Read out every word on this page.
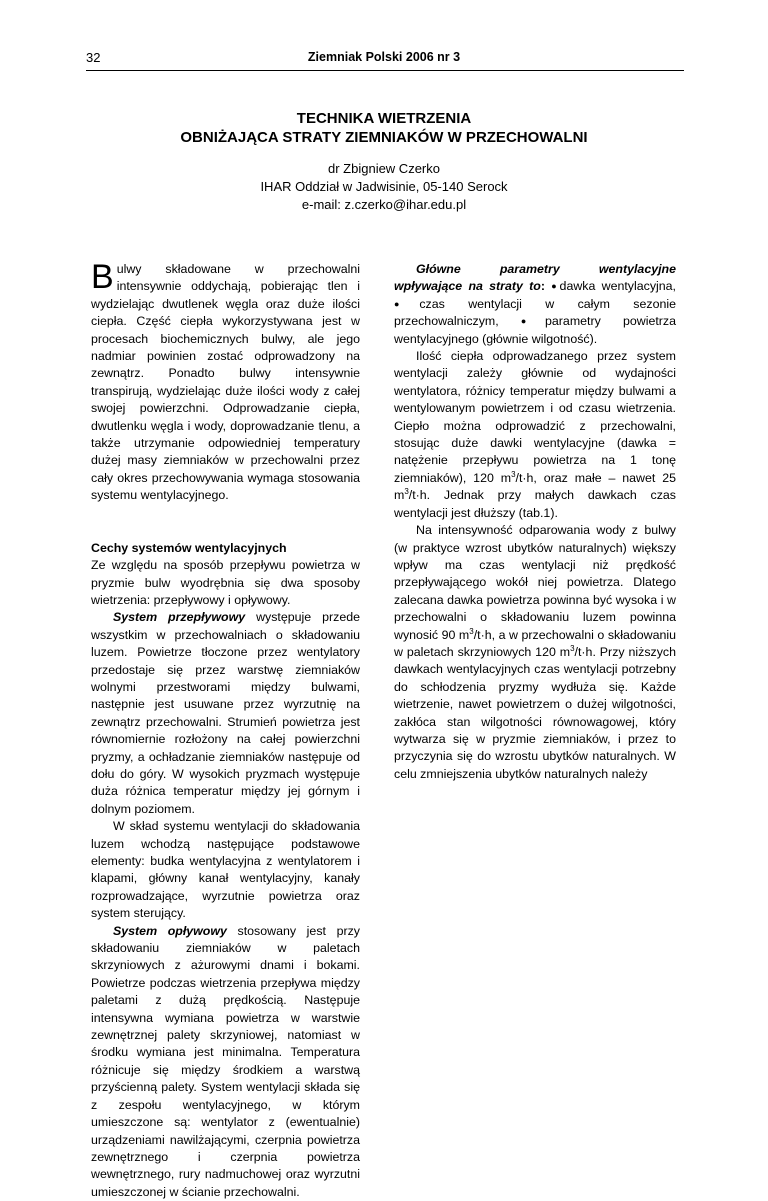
32	Ziemniak Polski 2006 nr 3
TECHNIKA WIETRZENIA
OBNIŻAJĄCA STRATY ZIEMNIAKÓW W PRZECHOWALNI
dr Zbigniew Czerko
IHAR Oddział w Jadwisinie, 05-140 Serock
e-mail: z.czerko@ihar.edu.pl

Bulwy składowane w przechowalni intensywnie oddychają, pobierając tlen i wydzielając dwutlenek węgla oraz duże ilości ciepła. Część ciepła wykorzystywana jest w procesach biochemicznych bulwy, ale jego nadmiar powinien zostać odprowadzony na zewnątrz. Ponadto bulwy intensywnie transpirują, wydzielając duże ilości wody z całej swojej powierzchni. Odprowadzanie ciepła, dwutlenku węgla i wody, doprowadzanie tlenu, a także utrzymanie odpowiedniej temperatury dużej masy ziemniaków w przechowalni przez cały okres przechowywania wymaga stosowania systemu wentylacyjnego.

Cechy systemów wentylacyjnych

Ze względu na sposób przepływu powietrza w pryzmie bulw wyodrębnia się dwa sposoby wietrzenia: przepływowy i opływowy.

System przepływowy występuje przede wszystkim w przechowalniach o składowaniu luzem. Powietrze tłoczone przez wentylatory przedostaje się przez warstwę ziemniaków wolnymi przestworami między bulwami, następnie jest usuwane przez wyrzutnię na zewnątrz przechowalni. Strumień powietrza jest równomiernie rozłożony na całej powierzchni pryzmy, a ochładzanie ziemniaków następuje od dołu do góry. W wysokich pryzmach występuje duża różnica temperatur między jej górnym i dolnym poziomem.

W skład systemu wentylacji do składowania luzem wchodzą następujące podstawowe elementy: budka wentylacyjna z wentylatorem i klapami, główny kanał wentylacyjny, kanały rozprowadzające, wyrzutnie powietrza oraz system sterujący.

System opływowy stosowany jest przy składowaniu ziemniaków w paletach skrzyniowych z ażurowymi dnami i bokami. Powietrze podczas wietrzenia przepływa między paletami z dużą prędkością. Następuje intensywna wymiana powietrza w warstwie zewnętrznej palety skrzyniowej, natomiast w środku wymiana jest minimalna. Temperatura różnicuje się między środkiem a warstwą przyścienną palety. System wentylacji składa się z zespołu wentylacyjnego, w którym umieszczone są: wentylator z (ewentualnie) urządzeniami nawilżającymi, czerpnia powietrza zewnętrznego i czerpnia powietrza wewnętrznego, rury nadmuchowej oraz wyrzutni umieszczonej w ścianie przechowalni.

Główne parametry wentylacyjne wpływające na straty to: ●dawka wentylacyjna, ●czas wentylacji w całym sezonie przechowalniczym, ●parametry powietrza wentylacyjnego (głównie wilgotność).

Ilość ciepła odprowadzanego przez system wentylacji zależy głównie od wydajności wentylatora, różnicy temperatur między bulwami a wentylowanym powietrzem i od czasu wietrzenia. Ciepło można odprowadzić z przechowalni, stosując duże dawki wentylacyjne (dawka = natężenie przepływu powietrza na 1 tonę ziemniaków), 120 $m^3/t\cdot h$, oraz małe – nawet 25 $m^3/t\cdot h$. Jednak przy małych dawkach czas wentylacji jest dłuższy (tab.1).

Na intensywność odparowania wody z bulwy (w praktyce wzrost ubytków naturalnych) większy wpływ ma czas wentylacji niż prędkość przepływającego wokół niej powietrza. Dlatego zalecana dawka powietrza powinna być wysoka i w przechowalni o składowaniu luzem powinna wynosić 90 $m^3/t\cdot h$, a w przechowalni o składowaniu w paletach skrzyniowych 120 $m^3/t\cdot h$. Przy niższych dawkach wentylacyjnych czas wentylacji potrzebny do schłodzenia pryzmy wydłuża się. Każde wietrzenie, nawet powietrzem o dużej wilgotności, zakłóca stan wilgotności równowagowej, który wytwarza się w pryzmie ziemniaków, i przez to przyczynia się do wzrostu ubytków naturalnych. W celu zmniejszenia ubytków naturalnych należy
